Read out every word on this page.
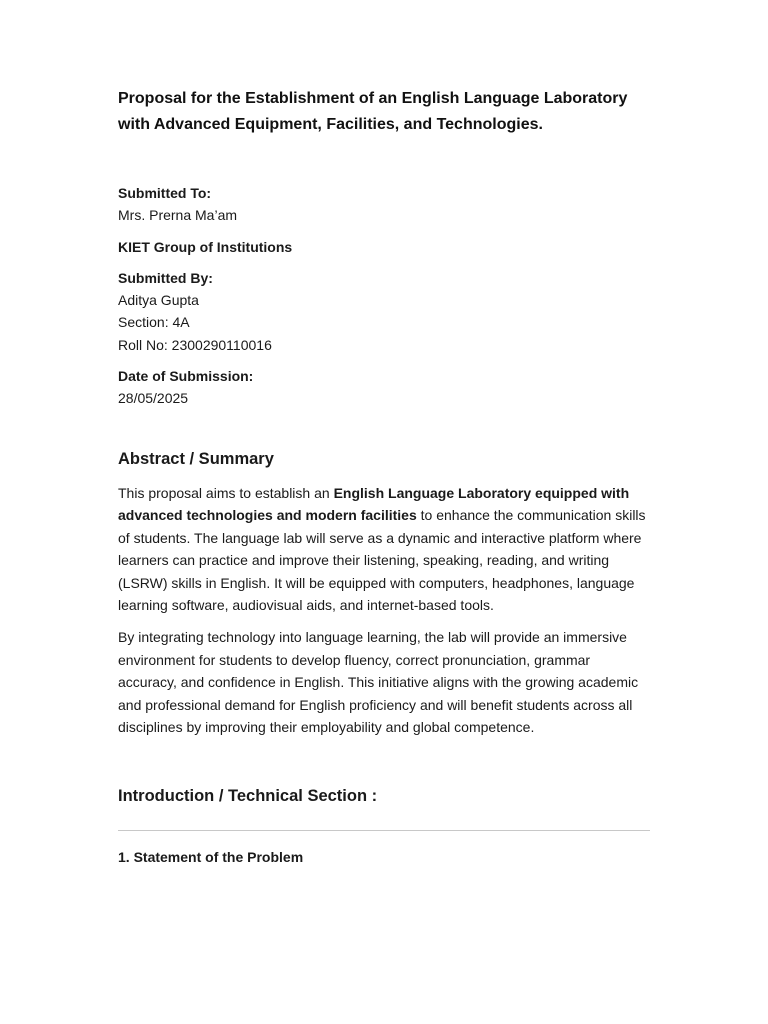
Proposal for the Establishment of an English Language Laboratory with Advanced Equipment, Facilities, and Technologies.

Submitted To:

Mrs. Prerna Ma’am

KIET Group of Institutions

Submitted By:

Aditya Gupta

Section: 4A

Roll No: 2300290110016

Date of Submission:

28/05/2025

Abstract / Summary

This proposal aims to establish an English Language Laboratory equipped with advanced technologies and modern facilities to enhance the communication skills of students. The language lab will serve as a dynamic and interactive platform where learners can practice and improve their listening, speaking, reading, and writing (LSRW) skills in English. It will be equipped with computers, headphones, language learning software, audiovisual aids, and internet-based tools.

By integrating technology into language learning, the lab will provide an immersive environment for students to develop fluency, correct pronunciation, grammar accuracy, and confidence in English. This initiative aligns with the growing academic and professional demand for English proficiency and will benefit students across all disciplines by improving their employability and global competence.

Introduction / Technical Section :
1. Statement of the Problem
